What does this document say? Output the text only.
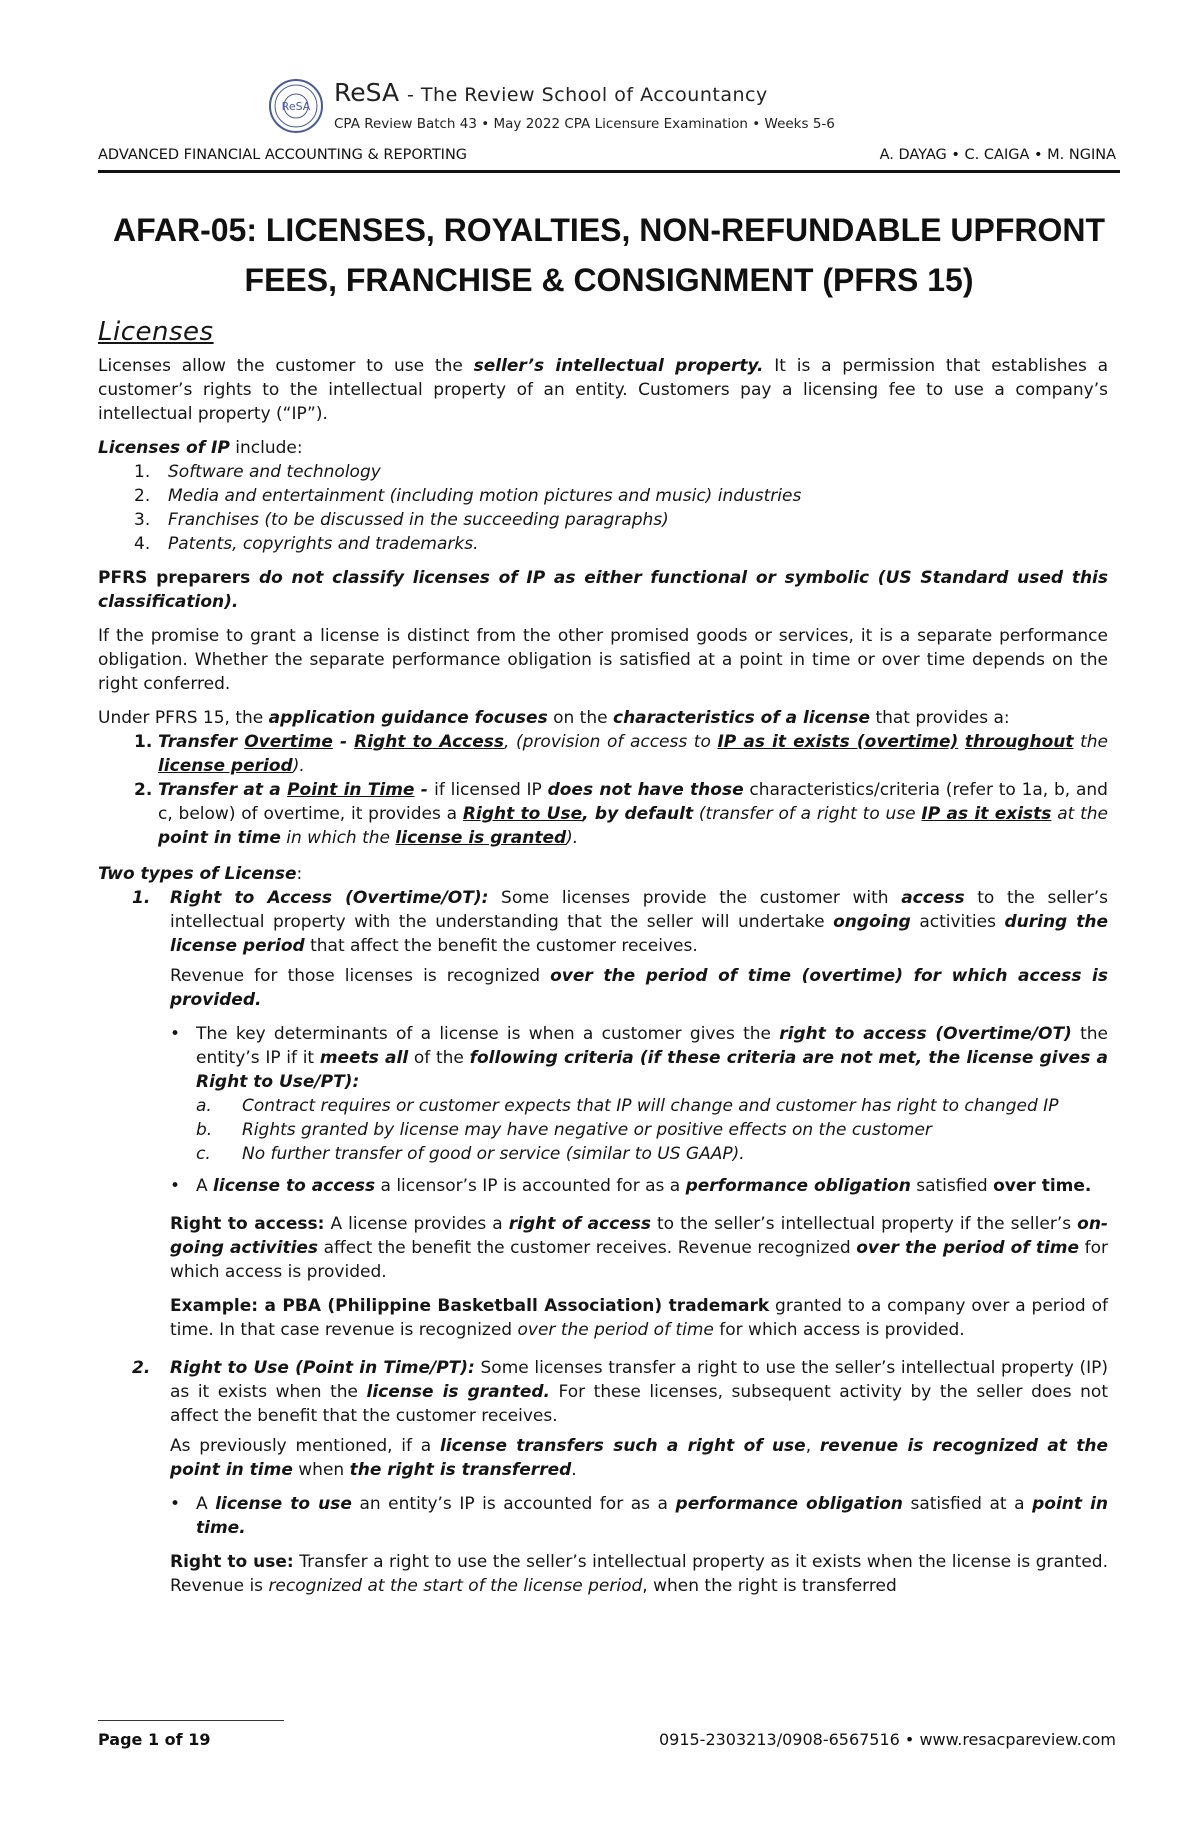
ReSA ReSA - The Review School of Accountancy
CPA Review Batch 43 • May 2022 CPA Licensure Examination • Weeks 5-6
ADVANCED FINANCIAL ACCOUNTING & REPORTING	A. DAYAG • C. CAIGA • M. NGINA
AFAR-05: LICENSES, ROYALTIES, NON-REFUNDABLE UPFRONT
FEES, FRANCHISE & CONSIGNMENT (PFRS 15)
Licenses

Licenses allow the customer to use the seller’s intellectual property. It is a permission that establishes a customer’s rights to the intellectual property of an entity. Customers pay a licensing fee to use a company’s intellectual property (“IP”).

Licenses of IP include:
1. Software and technology
2. Media and entertainment (including motion pictures and music) industries
3. Franchises (to be discussed in the succeeding paragraphs)
4. Patents, copyrights and trademarks.

PFRS preparers do not classify licenses of IP as either functional or symbolic (US Standard used this classification).

If the promise to grant a license is distinct from the other promised goods or services, it is a separate performance obligation. Whether the separate performance obligation is satisfied at a point in time or over time depends on the right conferred.

Under PFRS 15, the application guidance focuses on the characteristics of a license that provides a:
1. Transfer Overtime - Right to Access, (provision of access to IP as it exists (overtime) throughout the license period).
2. Transfer at a Point in Time - if licensed IP does not have those characteristics/criteria (refer to 1a, b, and c, below) of overtime, it provides a Right to Use, by default (transfer of a right to use IP as it exists at the point in time in which the license is granted).
Two types of License:
1. Right to Access (Overtime/OT): Some licenses provide the customer with access to the seller’s intellectual property with the understanding that the seller will undertake ongoing activities during the license period that affect the benefit the customer receives.
Revenue for those licenses is recognized over the period of time (overtime) for which access is provided.
• The key determinants of a license is when a customer gives the right to access (Overtime/OT) the entity’s IP if it meets all of the following criteria (if these criteria are not met, the license gives a Right to Use/PT):
a. Contract requires or customer expects that IP will change and customer has right to changed IP
b. Rights granted by license may have negative or positive effects on the customer
c. No further transfer of good or service (similar to US GAAP).
• A license to access a licensor’s IP is accounted for as a performance obligation satisfied over time.
Right to access: A license provides a right of access to the seller’s intellectual property if the seller’s on-going activities affect the benefit the customer receives. Revenue recognized over the period of time for which access is provided.
Example: a PBA (Philippine Basketball Association) trademark granted to a company over a period of time. In that case revenue is recognized over the period of time for which access is provided.
2. Right to Use (Point in Time/PT): Some licenses transfer a right to use the seller’s intellectual property (IP) as it exists when the license is granted. For these licenses, subsequent activity by the seller does not affect the benefit that the customer receives.
As previously mentioned, if a license transfers such a right of use, revenue is recognized at the point in time when the right is transferred.
• A license to use an entity’s IP is accounted for as a performance obligation satisfied at a point in time.
Right to use: Transfer a right to use the seller’s intellectual property as it exists when the license is granted. Revenue is recognized at the start of the license period, when the right is transferred
Page 1 of 19	0915-2303213/0908-6567516 • www.resacpareview.com
